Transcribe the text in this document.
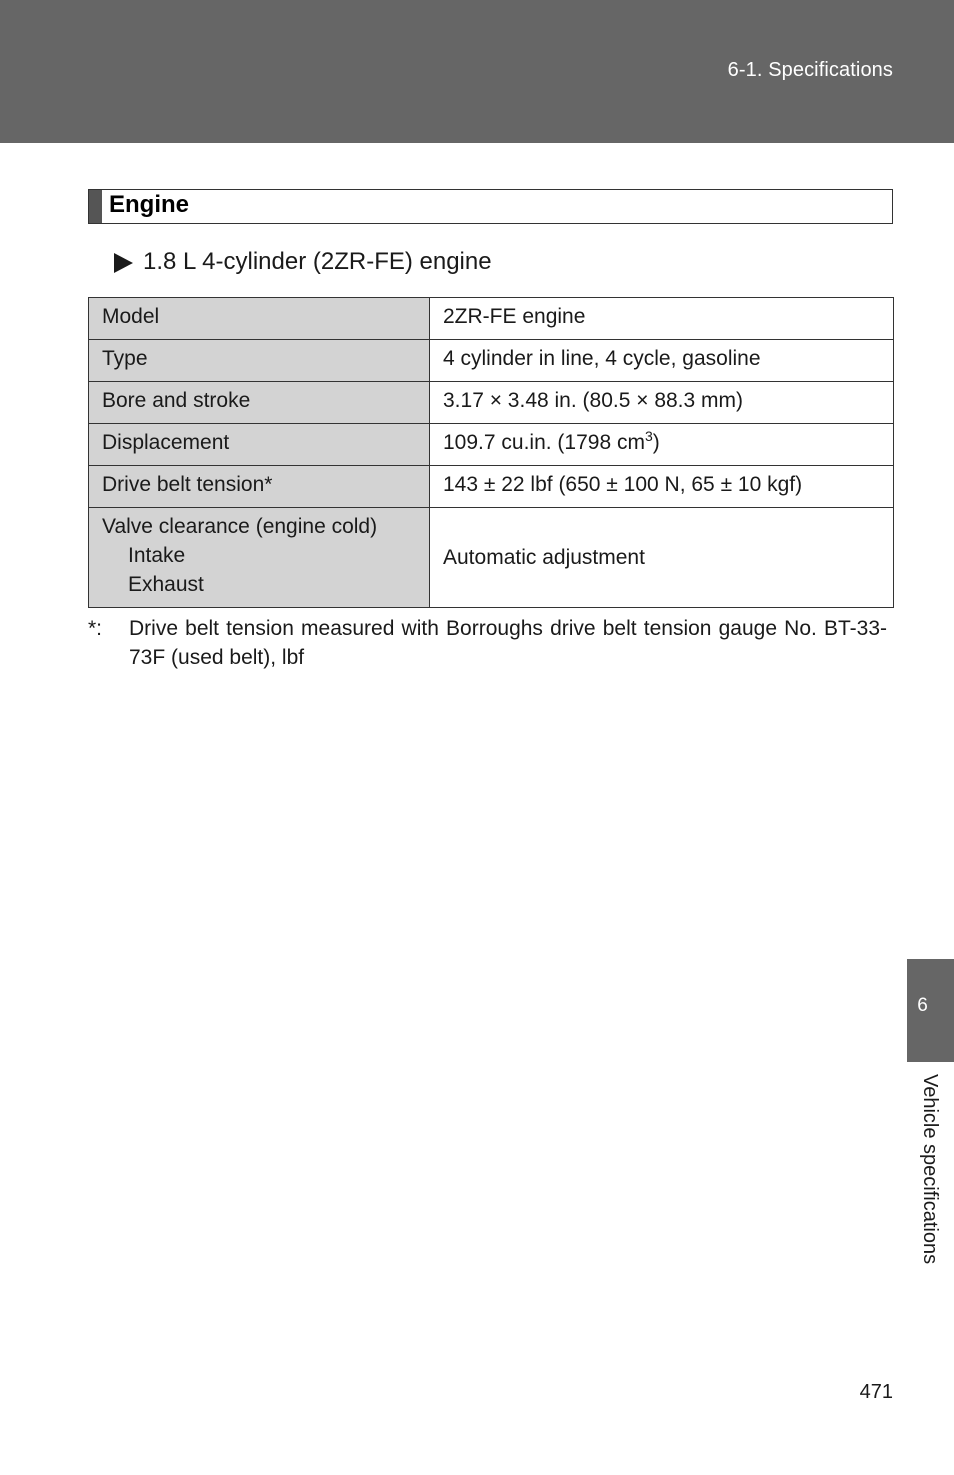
6-1. Specifications
Engine
1.8 L 4-cylinder (2ZR-FE) engine
Model	2ZR-FE engine
Type	4 cylinder in line, 4 cycle, gasoline
Bore and stroke	3.17 × 3.48 in. (80.5 × 88.3 mm)
Displacement	109.7 cu.in. (1798 $cm^3$)
Drive belt tension*	143 ± 22 lbf (650 ± 100 N, 65 ± 10 kgf)
Valve clearance (engine cold)
Intake
Exhaust	Automatic adjustment
*:	Drive belt tension measured with Borroughs drive belt tension gauge No. BT-33-73F (used belt), lbf
6
Vehicle specifications
471
